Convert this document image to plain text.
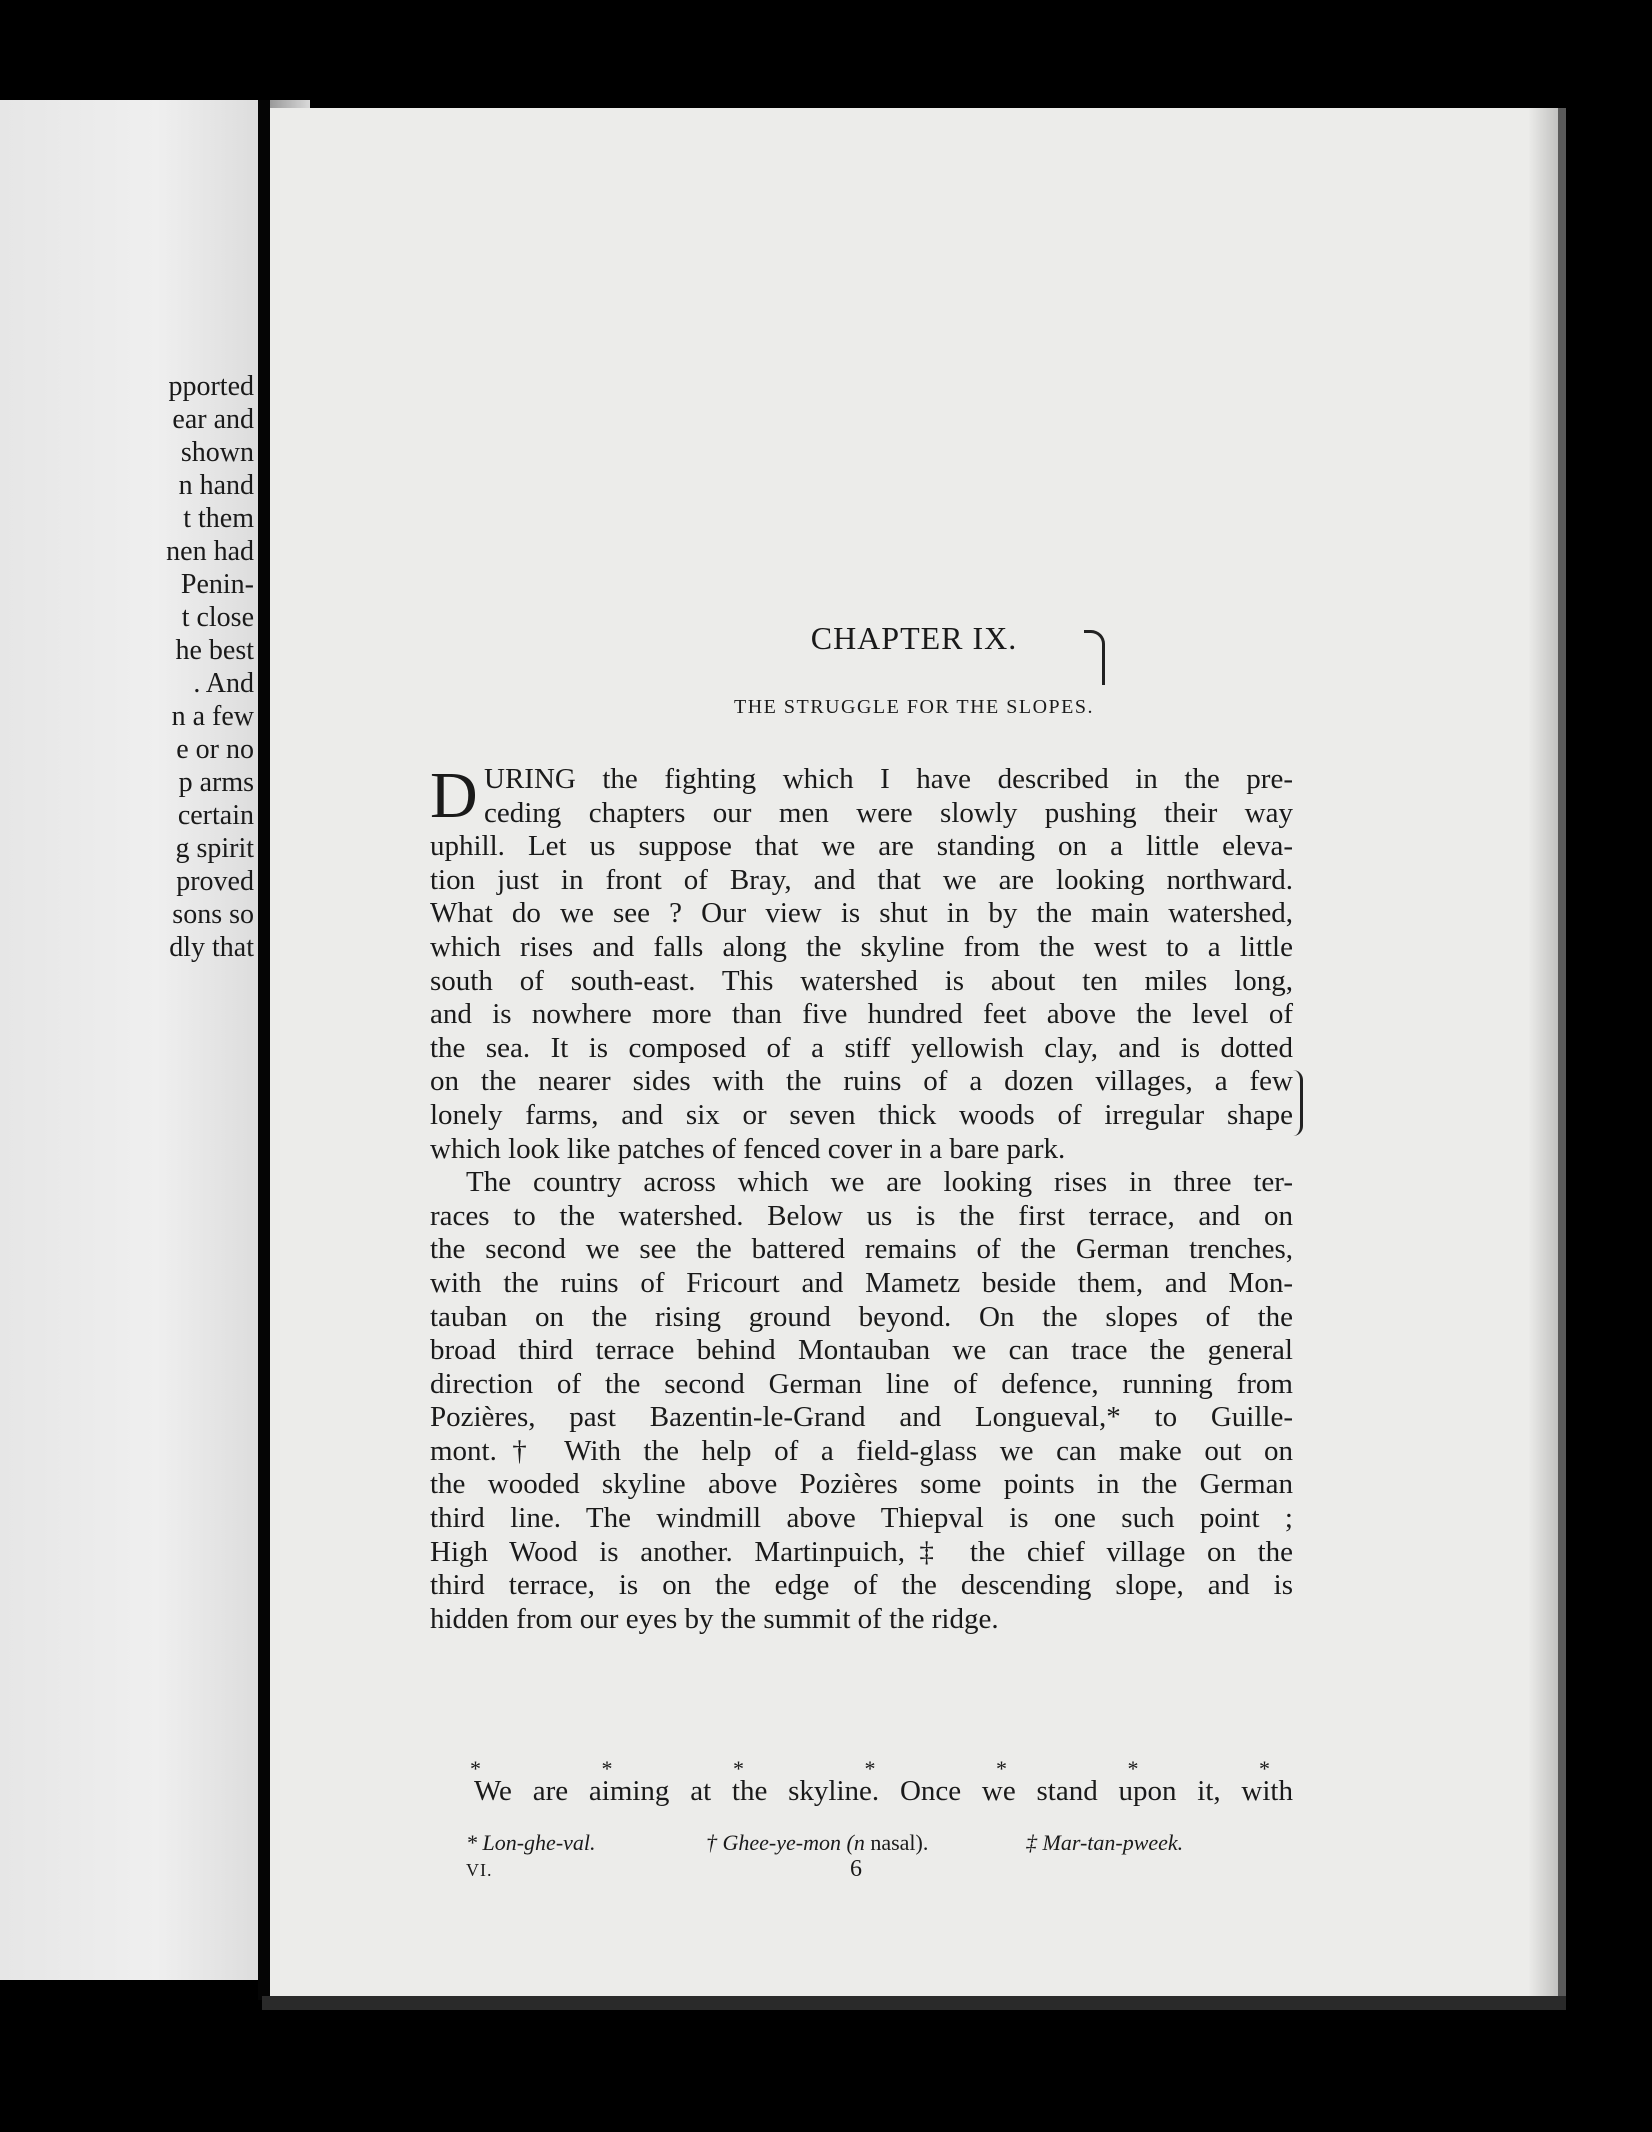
pported
ear and
shown
n hand
t them
nen had
Penin-
t close
he best
. And
n a few
e or no
p arms
certain
g spirit
proved
sons so
dly that
CHAPTER IX.
THE STRUGGLE FOR THE SLOPES.
D URING the fighting which I have described in the pre-
ceding chapters our men were slowly pushing their way
uphill. Let us suppose that we are standing on a little eleva-
tion just in front of Bray, and that we are looking northward.
What do we see ? Our view is shut in by the main watershed,
which rises and falls along the skyline from the west to a little
south of south-east. This watershed is about ten miles long,
and is nowhere more than five hundred feet above the level of
the sea. It is composed of a stiff yellowish clay, and is dotted
on the nearer sides with the ruins of a dozen villages, a few
lonely farms, and six or seven thick woods of irregular shape
which look like patches of fenced cover in a bare park.
The country across which we are looking rises in three ter-
races to the watershed. Below us is the first terrace, and on
the second we see the battered remains of the German trenches,
with the ruins of Fricourt and Mametz beside them, and Mon-
tauban on the rising ground beyond. On the slopes of the
broad third terrace behind Montauban we can trace the general
direction of the second German line of defence, running from
Pozières, past Bazentin-le-Grand and Longueval,* to Guille-
mont.† With the help of a field-glass we can make out on
the wooded skyline above Pozières some points in the German
third line. The windmill above Thiepval is one such point ;
High Wood is another. Martinpuich,‡ the chief village on the
third terrace, is on the edge of the descending slope, and is
hidden from our eyes by the summit of the ridge.
*	*	*	*	*	*	*
We are aiming at the skyline. Once we stand upon it, with
* Lon-ghe-val.	† Ghee-ye-mon (n nasal).	‡ Mar-tan-pweek.
VI.	6
